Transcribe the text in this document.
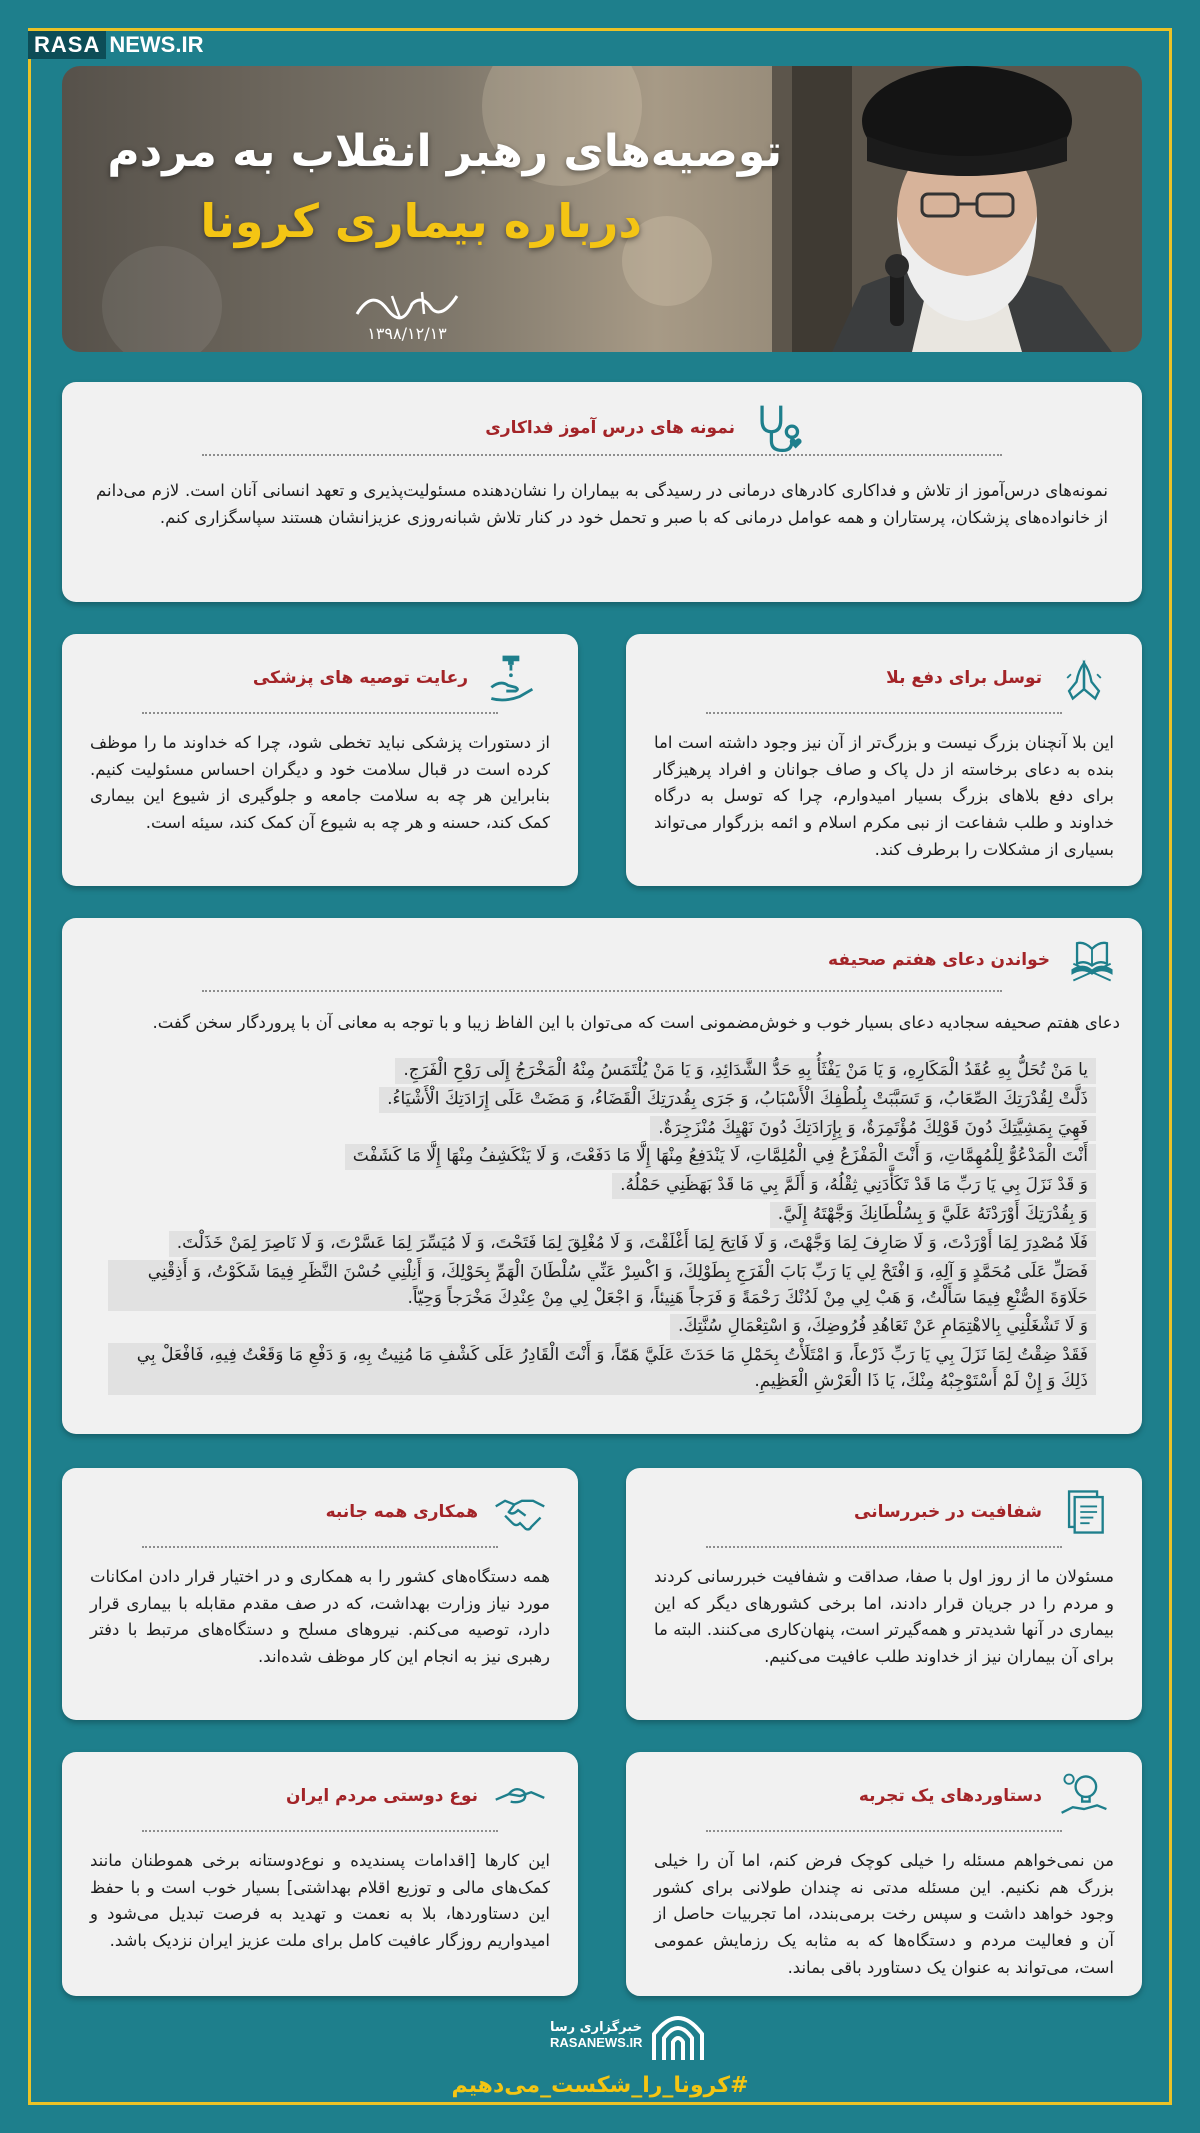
RASA NEWS.IR
توصیه‌های رهبر انقلاب به مردم
درباره بیماری کرونا
۱۳۹۸/۱۲/۱۳
نمونه های درس آموز فداکاری
نمونه‌های درس‌آموز از تلاش و فداکاری کادرهای درمانی در رسیدگی به بیماران را نشان‌دهنده مسئولیت‌پذیری و تعهد انسانی آنان است. لازم می‌دانم از خانواده‌های پزشکان، پرستاران و همه عوامل درمانی که با صبر و تحمل خود در کنار تلاش شبانه‌روزی عزیزانشان هستند سپاسگزاری کنم.
رعایت توصیه های پزشکی
از دستورات پزشکی نباید تخطی شود، چرا که خداوند ما را موظف کرده است در قبال سلامت خود و دیگران احساس مسئولیت کنیم. بنابراین هر چه به سلامت جامعه و جلوگیری از شیوع این بیماری کمک کند، حسنه و هر چه به شیوع آن کمک کند، سیئه است.
توسل برای دفع بلا
این بلا آنچنان بزرگ نیست و بزرگ‌تر از آن نیز وجود داشته است اما بنده به دعای برخاسته از دل پاک و صاف جوانان و افراد پرهیزگار برای دفع بلاهای بزرگ بسیار امیدوارم، چرا که توسل به درگاه خداوند و طلب شفاعت از نبی مکرم اسلام و ائمه بزرگوار می‌تواند بسیاری از مشکلات را برطرف کند.
خواندن دعای هفتم صحیفه
دعای هفتم صحیفه سجادیه دعای بسیار خوب و خوش‌مضمونی است که می‌توان با این الفاظ زیبا و با توجه به معانی آن با پروردگار سخن گفت.

یا مَنْ تُحَلُّ بِهِ عُقَدُ الْمَكَارِهِ، وَ يَا مَنْ يَفْثَأُ بِهِ حَدُّ الشَّدَائِدِ، وَ يَا مَنْ يُلْتَمَسُ مِنْهُ الْمَخْرَجُ إِلَى رَوْحِ الْفَرَجِ.

ذَلَّتْ لِقُدْرَتِكَ الصِّعَابُ، وَ تَسَبَّبَتْ بِلُطْفِكَ الْأَسْبَابُ، وَ جَرَى بِقُدرَتِكَ الْقَضَاءُ، وَ مَضَتْ عَلَى إِرَادَتِكَ الْأَشْيَاءُ.

فَهِيَ بِمَشِيَّتِكَ دُونَ قَوْلِكَ مُؤْتَمِرَةٌ، وَ بِإِرَادَتِكَ دُونَ نَهْيِكَ مُنْزَجِرَةٌ.

أَنْتَ الْمَدْعُوُّ لِلْمُهِمَّاتِ، وَ أَنْتَ الْمَفْزَعُ فِي الْمُلِمَّاتِ، لَا يَنْدَفِعُ مِنْهَا إِلَّا مَا دَفَعْتَ، وَ لَا يَنْكَشِفُ مِنْهَا إِلَّا مَا كَشَفْتَ

وَ قَدْ نَزَلَ بِي يَا رَبِّ مَا قَدْ تَكَأَّدَنِي ثِقْلُهُ، وَ أَلَمَّ بِي مَا قَدْ بَهَظَنِي حَمْلُهُ.

وَ بِقُدْرَتِكَ أَوْرَدْتَهُ عَلَيَّ وَ بِسُلْطَانِكَ وَجَّهْتَهُ إِلَيَّ.

فَلَا مُصْدِرَ لِمَا أَوْرَدْتَ، وَ لَا صَارِفَ لِمَا وَجَّهْتَ، وَ لَا فَاتِحَ لِمَا أَغْلَقْتَ، وَ لَا مُغْلِقَ لِمَا فَتَحْتَ، وَ لَا مُيَسِّرَ لِمَا عَسَّرْتَ، وَ لَا نَاصِرَ لِمَنْ خَذَلْتَ.

فَصَلِّ عَلَى مُحَمَّدٍ وَ آلِهِ، وَ افْتَحْ لِي يَا رَبِّ بَابَ الْفَرَجِ بِطَوْلِكَ، وَ اكْسِرْ عَنِّي سُلْطَانَ الْهَمِّ بِحَوْلِكَ، وَ أَنِلْنِي حُسْنَ النَّظَرِ فِيمَا شَكَوْتُ، وَ أَذِقْنِي حَلَاوَةَ الصُّنْعِ فِيمَا سَأَلْتُ، وَ هَبْ لِي مِنْ لَدُنْكَ رَحْمَةً وَ فَرَجاً هَنِيئاً، وَ اجْعَلْ لِي مِنْ عِنْدِكَ مَخْرَجاً وَحِيّاً.

وَ لَا تَشْغَلْنِي بِالاهْتِمَامِ عَنْ تَعَاهُدِ فُرُوضِكَ، وَ اسْتِعْمَالِ سُنَّتِكَ.

فَقَدْ ضِقْتُ لِمَا نَزَلَ بِي يَا رَبِّ ذَرْعاً، وَ امْتَلَأْتُ بِحَمْلِ مَا حَدَثَ عَلَيَّ هَمّاً، وَ أَنْتَ الْقَادِرُ عَلَى كَشْفِ مَا مُنِيتُ بِهِ، وَ دَفْعِ مَا وَقَعْتُ فِيهِ، فَافْعَلْ بِي ذَلِكَ وَ إِنْ لَمْ أَسْتَوْجِبْهُ مِنْكَ، يَا ذَا الْعَرْشِ الْعَظِيمِ.

همکاری همه جانبه
همه دستگاه‌های کشور را به همکاری و در اختیار قرار دادن امکانات مورد نیاز وزارت بهداشت، که در صف مقدم مقابله با بیماری قرار دارد، توصیه می‌کنم. نیروهای مسلح و دستگاه‌های مرتبط با دفتر رهبری نیز به انجام این کار موظف شده‌اند.
شفافیت در خبررسانی
مسئولان ما از روز اول با صفا، صداقت و شفافیت خبررسانی کردند و مردم را در جریان قرار دادند، اما برخی کشورهای دیگر که این بیماری در آنها شدیدتر و همه‌گیرتر است، پنهان‌کاری می‌کنند. البته ما برای آن بیماران نیز از خداوند طلب عافیت می‌کنیم.
نوع دوستی مردم ایران
این کارها [اقدامات پسندیده و نوع‌دوستانه برخی هموطنان مانند کمک‌های مالی و توزیع اقلام بهداشتی] بسیار خوب است و با حفظ این دستاوردها، بلا به نعمت و تهدید به فرصت تبدیل می‌شود و امیدواریم روزگار عافیت کامل برای ملت عزیز ایران نزدیک باشد.
دستاوردهای یک تجربه
من نمی‌خواهم مسئله را خیلی کوچک فرض کنم، اما آن را خیلی بزرگ هم نکنیم. این مسئله مدتی نه چندان طولانی برای کشور وجود خواهد داشت و سپس رخت برمی‌بندد، اما تجربیات حاصل از آن و فعالیت مردم و دستگاه‌ها که به مثابه یک رزمایش عمومی است، می‌تواند به عنوان یک دستاورد باقی بماند.
خبرگزاری رسا
RASANEWS.IR
#کرونا_را_شکست_می‌دهیم
